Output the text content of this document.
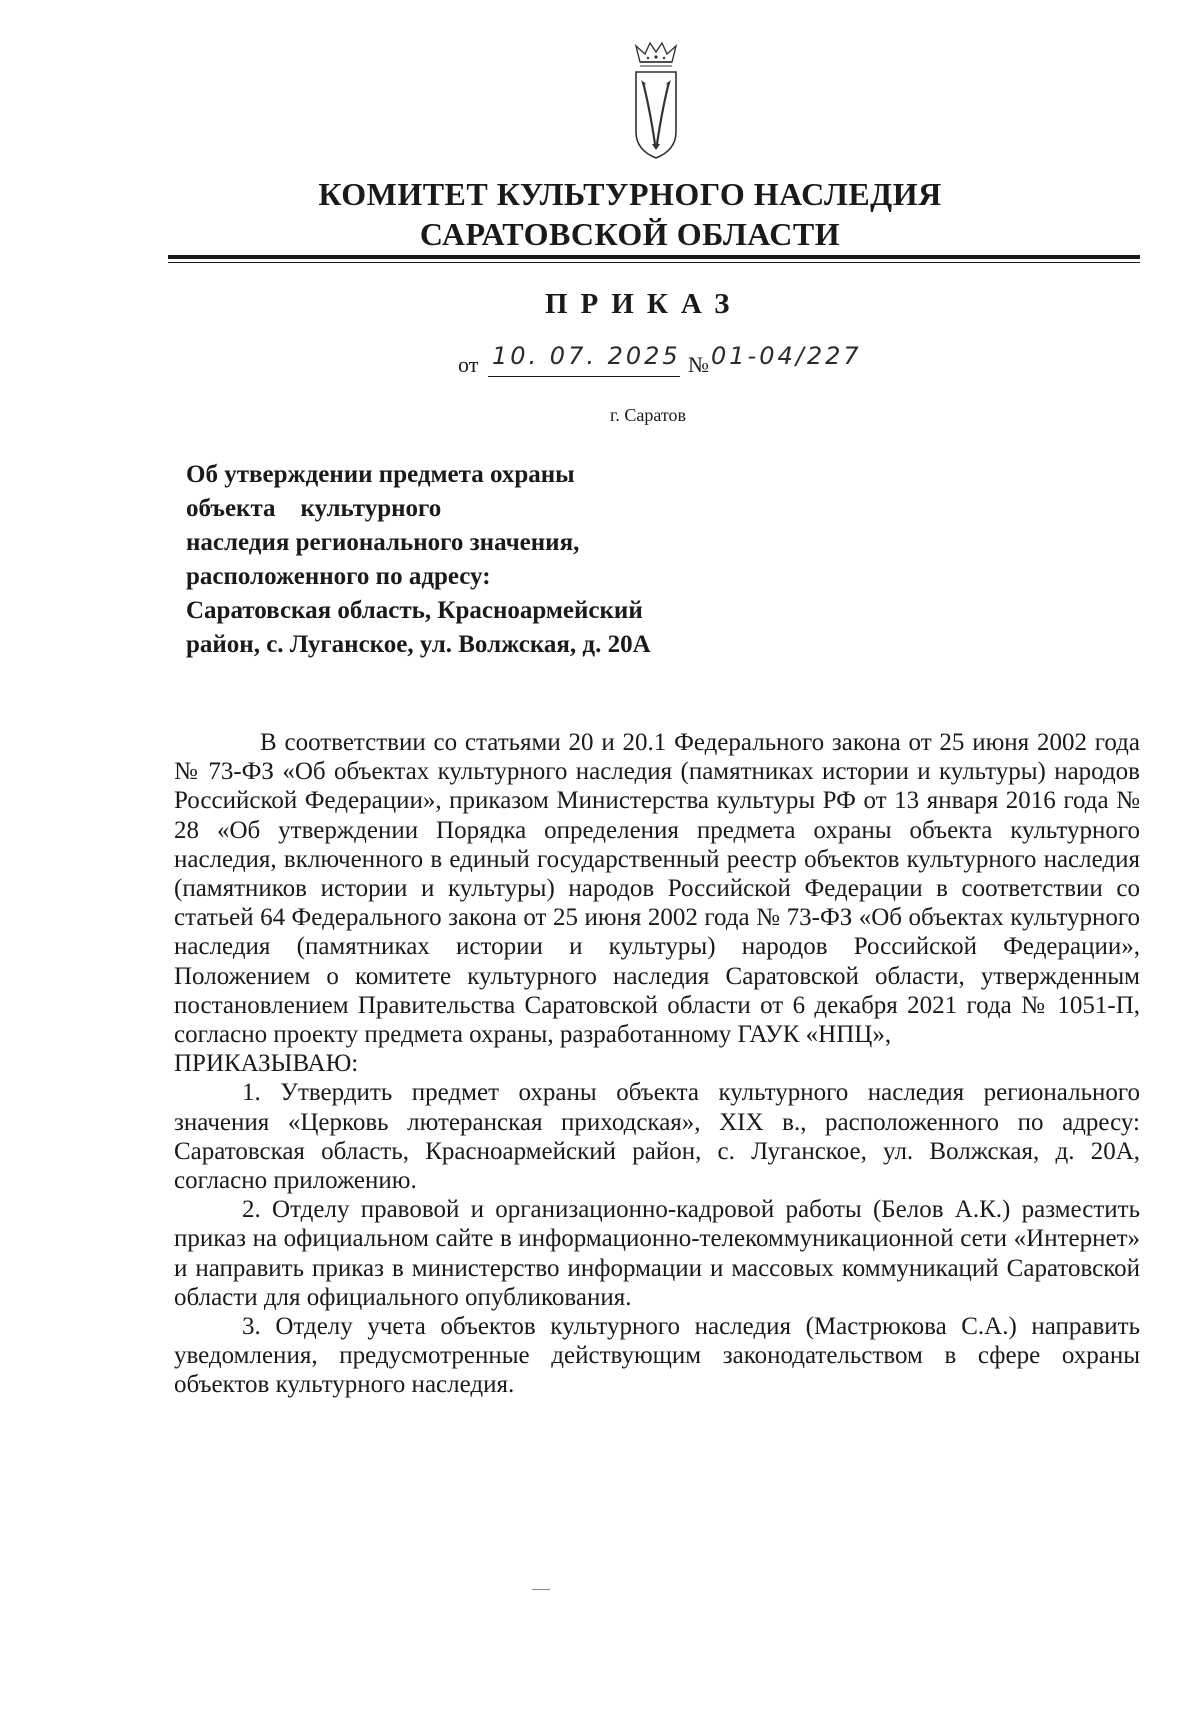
КОМИТЕТ КУЛЬТУРНОГО НАСЛЕДИЯ
САРАТОВСКОЙ ОБЛАСТИ
ПРИКАЗ
от 10. 07. 2025 № 01-04/227
г. Саратов
Об утверждении предмета охраны
объекта    культурного
наследия регионального значения,
расположенного по адресу:
Саратовская область, Красноармейский
район, с. Луганское, ул. Волжская, д. 20А

В соответствии со статьями 20 и 20.1 Федерального закона от 25 июня 2002 года № 73-ФЗ «Об объектах культурного наследия (памятниках истории и культуры) народов Российской Федерации», приказом Министерства культуры РФ от 13 января 2016 года № 28 «Об утверждении Порядка определения предмета охраны объекта культурного наследия, включенного в единый государственный реестр объектов культурного наследия (памятников истории и культуры) народов Российской Федерации в соответствии со статьей 64 Федерального закона от 25 июня 2002 года № 73-ФЗ «Об объектах культурного наследия (памятниках истории и культуры) народов Российской Федерации», Положением о комитете культурного наследия Саратовской области, утвержденным постановлением Правительства Саратовской области от 6 декабря 2021 года № 1051-П, согласно проекту предмета охраны, разработанному ГАУК «НПЦ»,

ПРИКАЗЫВАЮ:

1. Утвердить предмет охраны объекта культурного наследия регионального значения «Церковь лютеранская приходская», XIX в., расположенного по адресу: Саратовская область, Красноармейский район, с. Луганское, ул. Волжская, д. 20А, согласно приложению.

2. Отделу правовой и организационно-кадровой работы (Белов А.К.) разместить приказ на официальном сайте в информационно-телекоммуникационной сети «Интернет» и направить приказ в министерство информации и массовых коммуникаций Саратовской области для официального опубликования.

3. Отделу учета объектов культурного наследия (Мастрюкова С.А.) направить уведомления, предусмотренные действующим законодательством в сфере охраны объектов культурного наследия.
